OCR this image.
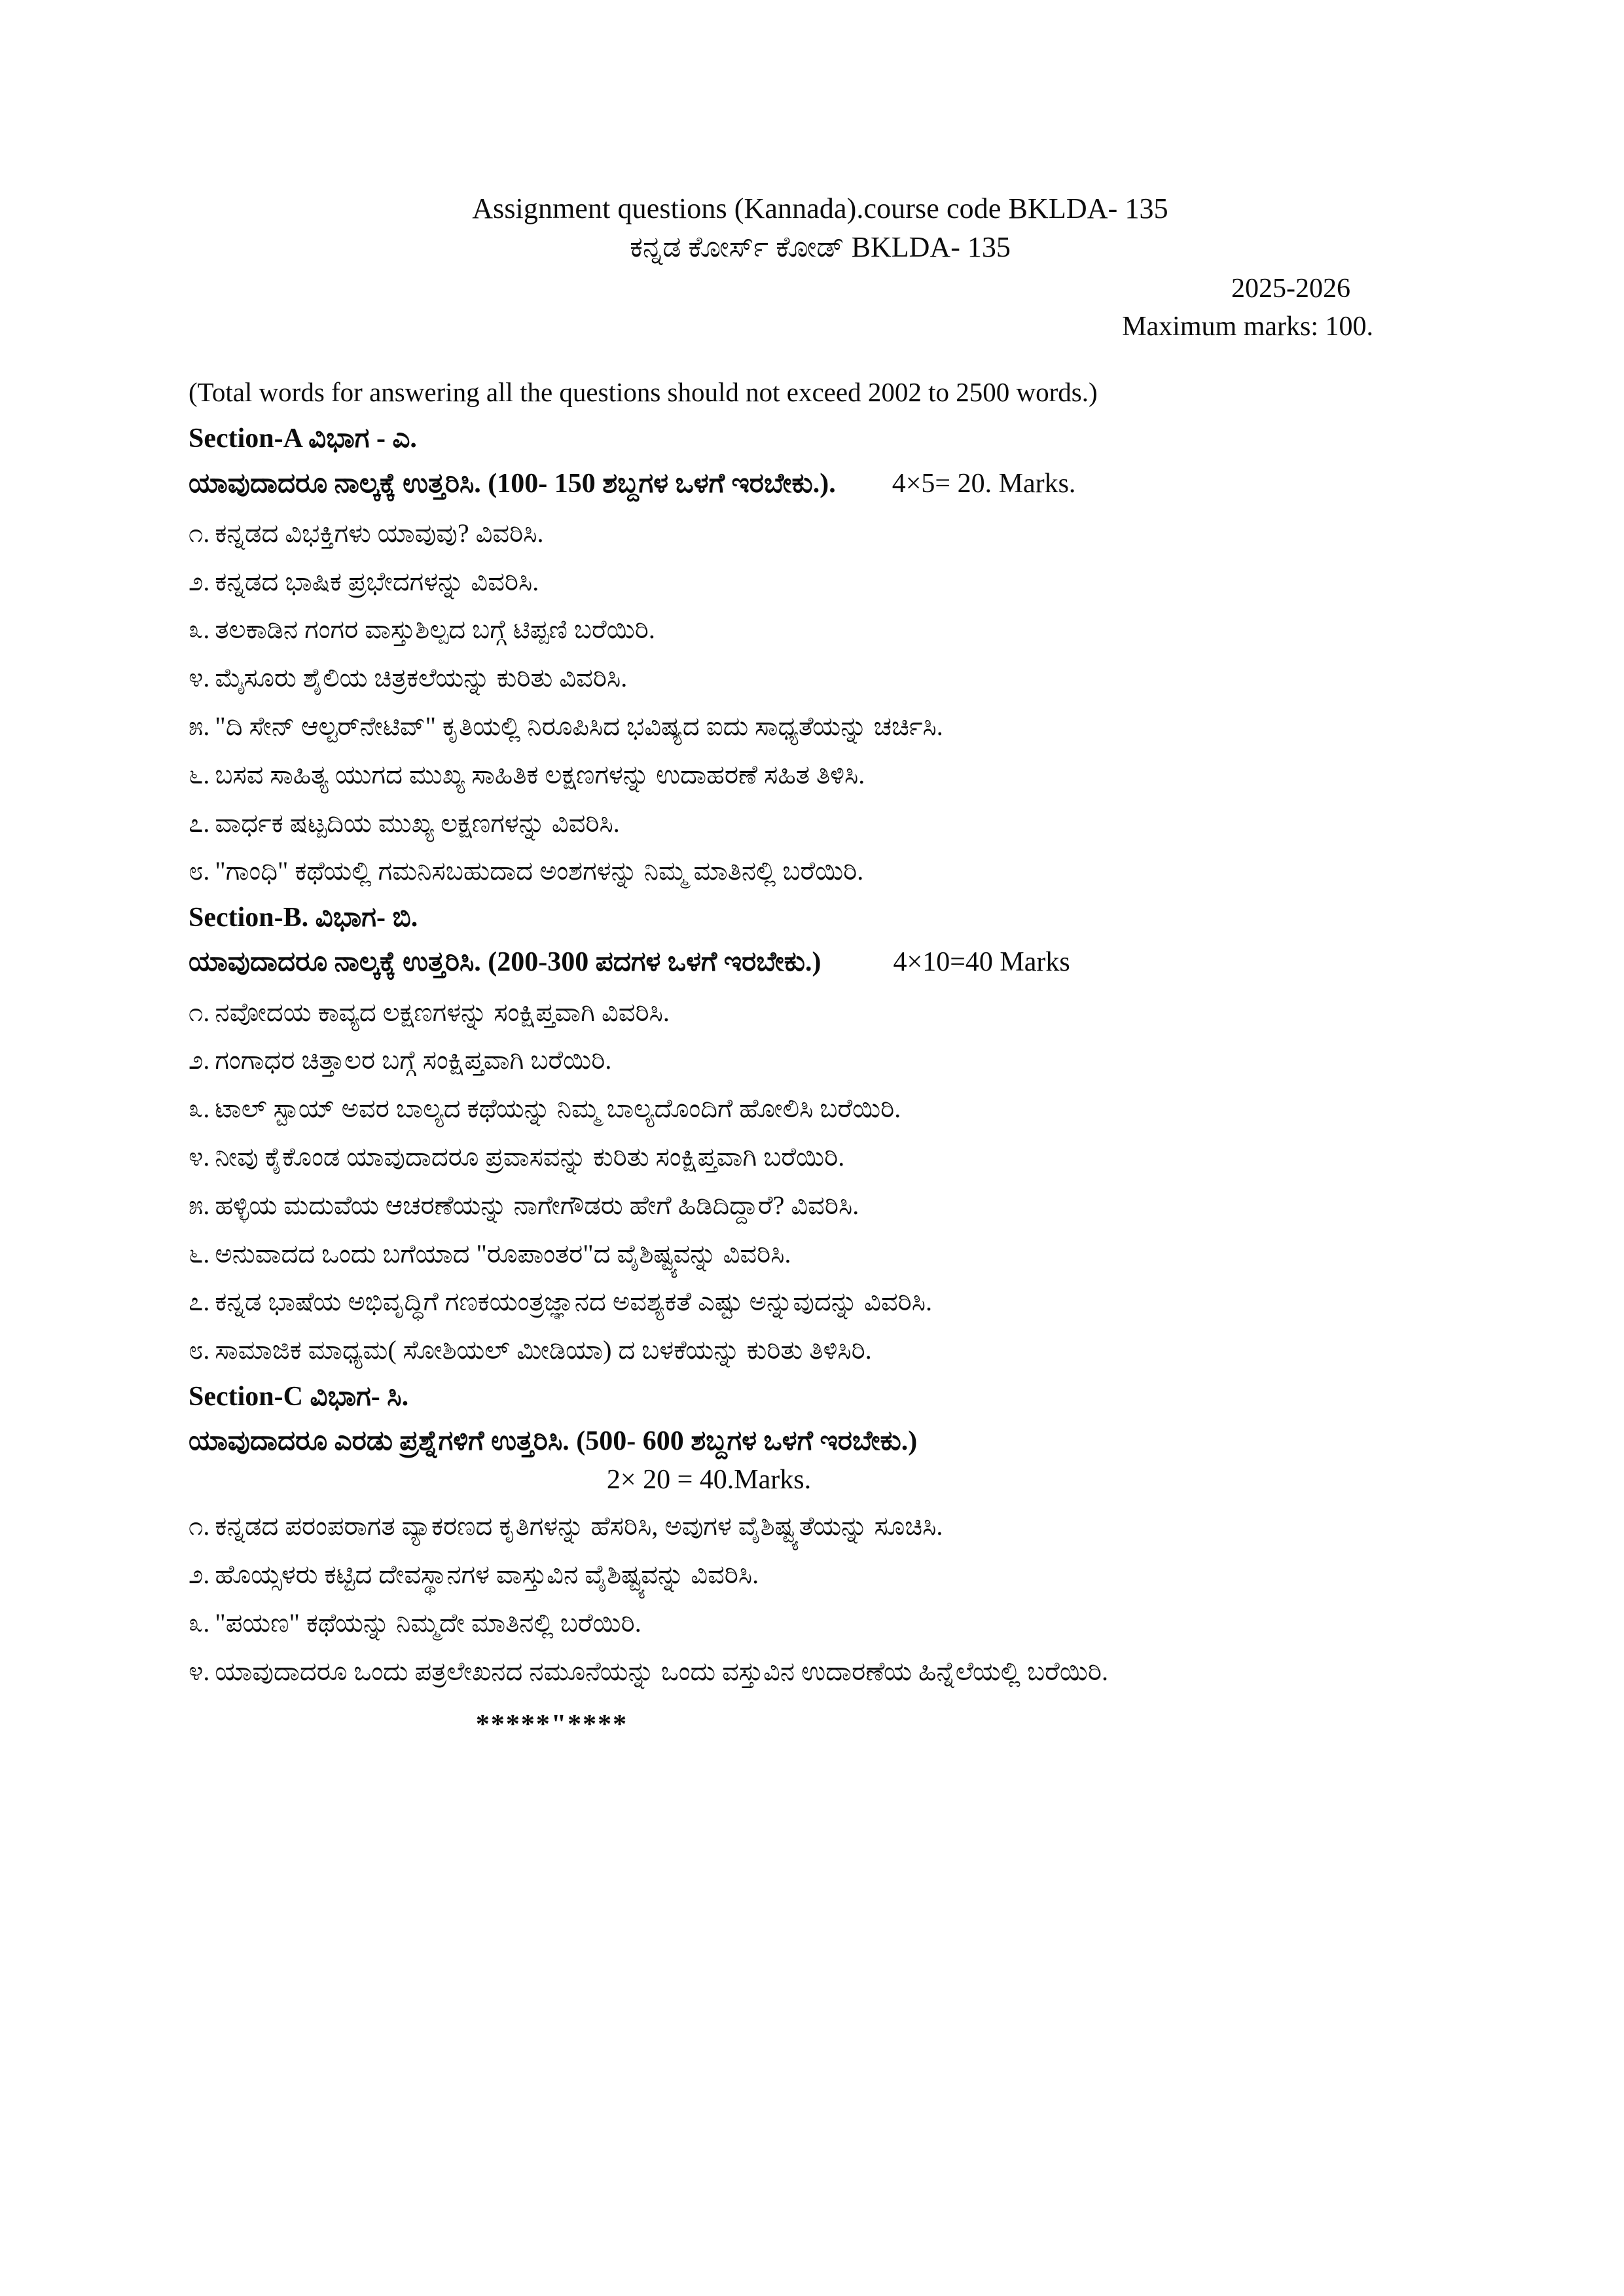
Assignment questions (Kannada).course code BKLDA- 135
ಕನ್ನಡ ಕೋರ್ಸ್ ಕೋಡ್ BKLDA- 135
2025-2026
Maximum marks: 100.
(Total words for answering all the questions should not exceed 2002 to 2500 words.)
Section-A ವಿಭಾಗ - ಎ.
ಯಾವುದಾದರೂ ನಾಲ್ಕಕ್ಕೆ ಉತ್ತರಿಸಿ. (100- 150 ಶಬ್ದಗಳ ಒಳಗೆ ಇರಬೇಕು.). 4×5= 20. Marks.
೧. ಕನ್ನಡದ ವಿಭಕ್ತಿಗಳು ಯಾವುವು? ವಿವರಿಸಿ.
೨. ಕನ್ನಡದ ಭಾಷಿಕ ಪ್ರಭೇದಗಳನ್ನು ವಿವರಿಸಿ.
೩. ತಲಕಾಡಿನ ಗಂಗರ ವಾಸ್ತುಶಿಲ್ಪದ ಬಗ್ಗೆ ಟಿಪ್ಪಣಿ ಬರೆಯಿರಿ.
೪. ಮೈಸೂರು ಶೈಲಿಯ ಚಿತ್ರಕಲೆಯನ್ನು ಕುರಿತು ವಿವರಿಸಿ.
೫. "ದಿ ಸೇನ್ ಆಲ್ಟರ್‌ನೇಟಿವ್" ಕೃತಿಯಲ್ಲಿ ನಿರೂಪಿಸಿದ ಭವಿಷ್ಯದ ಐದು ಸಾಧ್ಯತೆಯನ್ನು ಚರ್ಚಿಸಿ.
೬. ಬಸವ ಸಾಹಿತ್ಯ ಯುಗದ ಮುಖ್ಯ ಸಾಹಿತಿಕ ಲಕ್ಷಣಗಳನ್ನು ಉದಾಹರಣೆ ಸಹಿತ ತಿಳಿಸಿ.
೭. ವಾರ್ಧಕ ಷಟ್ಪದಿಯ ಮುಖ್ಯ ಲಕ್ಷಣಗಳನ್ನು ವಿವರಿಸಿ.
೮. "ಗಾಂಧಿ" ಕಥೆಯಲ್ಲಿ ಗಮನಿಸಬಹುದಾದ ಅಂಶಗಳನ್ನು ನಿಮ್ಮ ಮಾತಿನಲ್ಲಿ ಬರೆಯಿರಿ.
Section-B. ವಿಭಾಗ- ಬಿ.
ಯಾವುದಾದರೂ ನಾಲ್ಕಕ್ಕೆ ಉತ್ತರಿಸಿ. (200-300 ಪದಗಳ ಒಳಗೆ ಇರಬೇಕು.)	4×10=40 Marks
೧. ನವೋದಯ ಕಾವ್ಯದ ಲಕ್ಷಣಗಳನ್ನು ಸಂಕ್ಷಿಪ್ತವಾಗಿ ವಿವರಿಸಿ.
೨. ಗಂಗಾಧರ ಚಿತ್ತಾಲರ ಬಗ್ಗೆ ಸಂಕ್ಷಿಪ್ತವಾಗಿ ಬರೆಯಿರಿ.
೩. ಟಾಲ್ ಸ್ಟಾಯ್ ಅವರ ಬಾಲ್ಯದ ಕಥೆಯನ್ನು ನಿಮ್ಮ ಬಾಲ್ಯದೊಂದಿಗೆ ಹೋಲಿಸಿ ಬರೆಯಿರಿ.
೪. ನೀವು ಕೈಕೊಂಡ ಯಾವುದಾದರೂ ಪ್ರವಾಸವನ್ನು ಕುರಿತು ಸಂಕ್ಷಿಪ್ತವಾಗಿ ಬರೆಯಿರಿ.
೫. ಹಳ್ಳಿಯ ಮದುವೆಯ ಆಚರಣೆಯನ್ನು ನಾಗೇಗೌಡರು ಹೇಗೆ ಹಿಡಿದಿದ್ದಾರೆ? ವಿವರಿಸಿ.
೬. ಅನುವಾದದ ಒಂದು ಬಗೆಯಾದ "ರೂಪಾಂತರ"ದ ವೈಶಿಷ್ಟ್ಯವನ್ನು ವಿವರಿಸಿ.
೭. ಕನ್ನಡ ಭಾಷೆಯ ಅಭಿವೃದ್ಧಿಗೆ ಗಣಕಯಂತ್ರಜ್ಞಾನದ ಅವಶ್ಯಕತೆ ಎಷ್ಟು ಅನ್ನುವುದನ್ನು ವಿವರಿಸಿ.
೮. ಸಾಮಾಜಿಕ ಮಾಧ್ಯಮ( ಸೋಶಿಯಲ್ ಮೀಡಿಯಾ) ದ ಬಳಕೆಯನ್ನು ಕುರಿತು ತಿಳಿಸಿರಿ.
Section-C ವಿಭಾಗ- ಸಿ.
ಯಾವುದಾದರೂ ಎರಡು ಪ್ರಶ್ನೆಗಳಿಗೆ ಉತ್ತರಿಸಿ. (500- 600 ಶಬ್ದಗಳ ಒಳಗೆ ಇರಬೇಕು.)
2× 20 = 40.Marks.
೧. ಕನ್ನಡದ ಪರಂಪರಾಗತ ವ್ಯಾಕರಣದ ಕೃತಿಗಳನ್ನು ಹೆಸರಿಸಿ, ಅವುಗಳ ವೈಶಿಷ್ಟ್ಯತೆಯನ್ನು ಸೂಚಿಸಿ.
೨. ಹೊಯ್ಸಳರು ಕಟ್ಟಿದ ದೇವಸ್ಥಾನಗಳ ವಾಸ್ತುವಿನ ವೈಶಿಷ್ಟ್ಯವನ್ನು ವಿವರಿಸಿ.
೩. "ಪಯಣ" ಕಥೆಯನ್ನು ನಿಮ್ಮದೇ ಮಾತಿನಲ್ಲಿ ಬರೆಯಿರಿ.
೪. ಯಾವುದಾದರೂ ಒಂದು ಪತ್ರಲೇಖನದ ನಮೂನೆಯನ್ನು ಒಂದು ವಸ್ತುವಿನ ಉದಾರಣೆಯ ಹಿನ್ನೆಲೆಯಲ್ಲಿ ಬರೆಯಿರಿ.
*****"****
